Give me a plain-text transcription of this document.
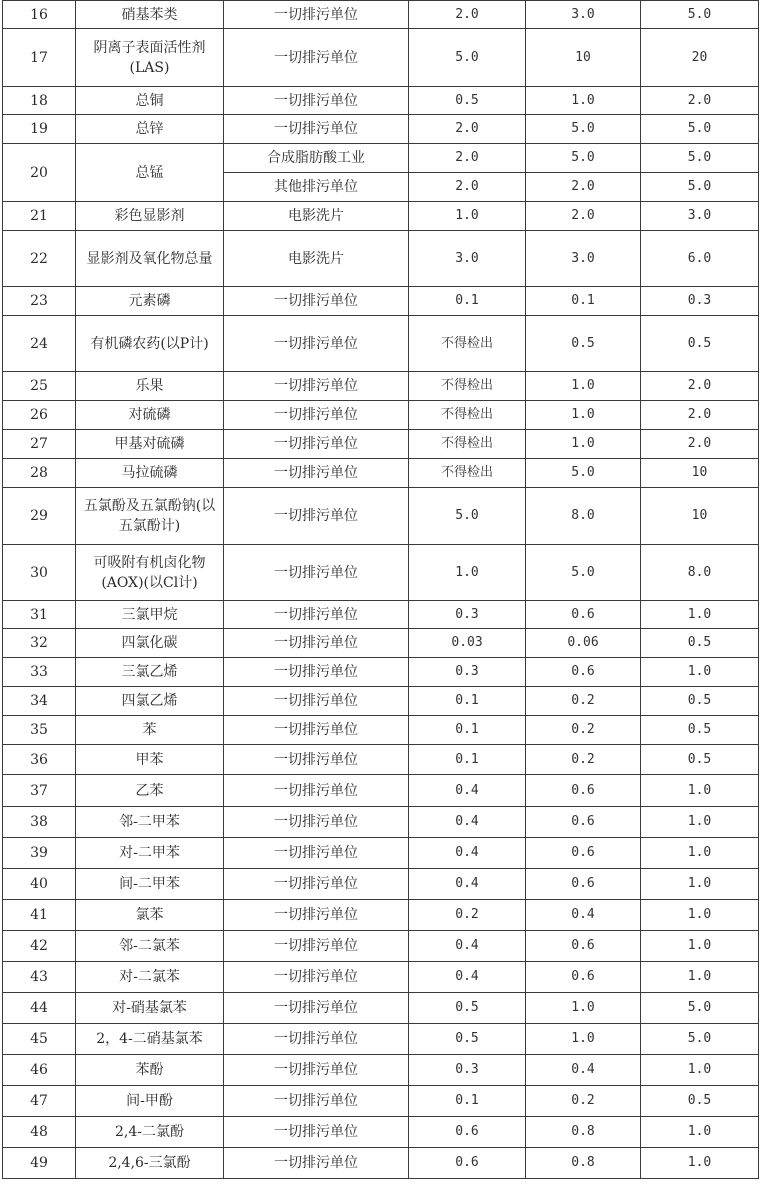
16	硝基苯类	一切排污单位	2.0	3.0	5.0
17	阴离子表面活性剂(LAS)	一切排污单位	5.0	10	20
18	总铜	一切排污单位	0.5	1.0	2.0
19	总锌	一切排污单位	2.0	5.0	5.0
20	总锰	合成脂肪酸工业	2.0	5.0	5.0
		其他排污单位	2.0	2.0	5.0
21	彩色显影剂	电影洗片	1.0	2.0	3.0
22	显影剂及氧化物总量	电影洗片	3.0	3.0	6.0
23	元素磷	一切排污单位	0.1	0.1	0.3
24	有机磷农药(以P计)	一切排污单位	不得检出	0.5	0.5
25	乐果	一切排污单位	不得检出	1.0	2.0
26	对硫磷	一切排污单位	不得检出	1.0	2.0
27	甲基对硫磷	一切排污单位	不得检出	1.0	2.0
28	马拉硫磷	一切排污单位	不得检出	5.0	10
29	五氯酚及五氯酚钠(以五氯酚计)	一切排污单位	5.0	8.0	10
30	可吸附有机卤化物(AOX)(以Cl计)	一切排污单位	1.0	5.0	8.0
31	三氯甲烷	一切排污单位	0.3	0.6	1.0
32	四氯化碳	一切排污单位	0.03	0.06	0.5
33	三氯乙烯	一切排污单位	0.3	0.6	1.0
34	四氯乙烯	一切排污单位	0.1	0.2	0.5
35	苯	一切排污单位	0.1	0.2	0.5
36	甲苯	一切排污单位	0.1	0.2	0.5
37	乙苯	一切排污单位	0.4	0.6	1.0
38	邻-二甲苯	一切排污单位	0.4	0.6	1.0
39	对-二甲苯	一切排污单位	0.4	0.6	1.0
40	间-二甲苯	一切排污单位	0.4	0.6	1.0
41	氯苯	一切排污单位	0.2	0.4	1.0
42	邻-二氯苯	一切排污单位	0.4	0.6	1.0
43	对-二氯苯	一切排污单位	0.4	0.6	1.0
44	对-硝基氯苯	一切排污单位	0.5	1.0	5.0
45	2，4-二硝基氯苯	一切排污单位	0.5	1.0	5.0
46	苯酚	一切排污单位	0.3	0.4	1.0
47	间-甲酚	一切排污单位	0.1	0.2	0.5
48	2,4-二氯酚	一切排污单位	0.6	0.8	1.0
49	2,4,6-三氯酚	一切排污单位	0.6	0.8	1.0
